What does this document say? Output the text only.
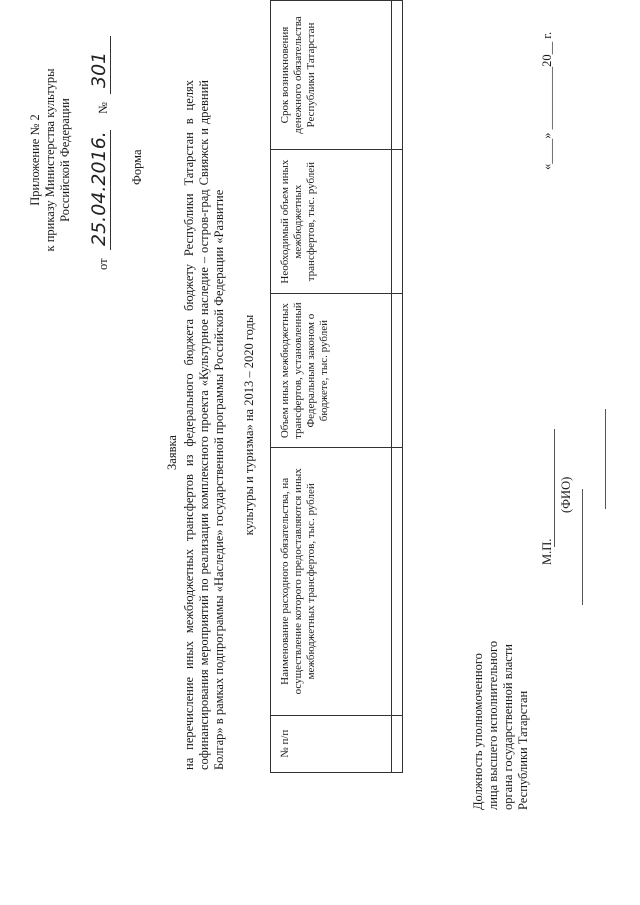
Приложение № 2 к приказу Министерства культуры Российской Федерации
от
25.04.2016.
№
301
Форма
Заявка на перечисление иных межбюджетных трансфертов из федерального бюджета бюджету Республики Татарстан в целях софинансирования мероприятий по реализации комплексного проекта «Культурное наследие – остров-град Свияжск и древний Болгар» в рамках подпрограммы «Наследие» государственной программы Российской Федерации «Развитие культуры и туризма» на 2013 – 2020 годы
№ п/п	Наименование расходного обязательства, на осуществление которого предоставляются иных межбюджетных трансфертов, тыс. рублей	Объем иных межбюджетных трансфертов, установленный Федеральным законом о бюджете, тыс. рублей	Необходимый объем иных межбюджетных трансфертов, тыс. рублей	Срок возникновения денежного обязательства Республики Татарстан

Должность уполномоченного лица высшего исполнительного органа государственной власти Республики Татарстан
М.П.
(ФИО)
«____» __________20__ г.
